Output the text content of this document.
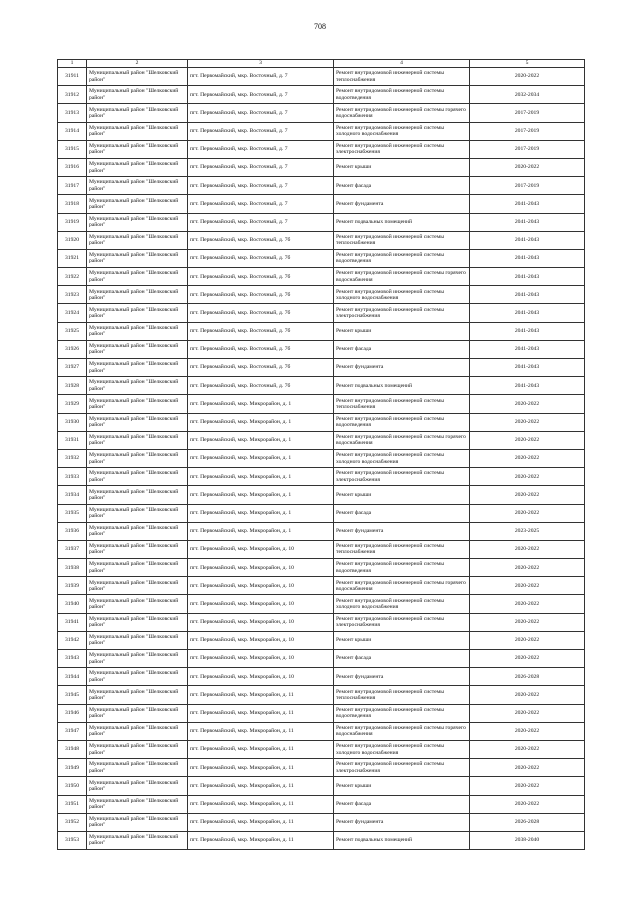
708
1	2	3	4	5
31911	Муниципальный район "Шелковский район"	пгт. Первомайский, мкр. Восточный, д. 7	Ремонт внутридомовой инженерной системы теплоснабжения	2020-2022
31912	Муниципальный район "Шелковский район"	пгт. Первомайский, мкр. Восточный, д. 7	Ремонт внутридомовой инженерной системы водоотведения	2032-2034
31913	Муниципальный район "Шелковский район"	пгт. Первомайский, мкр. Восточный, д. 7	Ремонт внутридомовой инженерной системы горячего водоснабжения	2017-2019
31914	Муниципальный район "Шелковский район"	пгт. Первомайский, мкр. Восточный, д. 7	Ремонт внутридомовой инженерной системы холодного водоснабжения	2017-2019
31915	Муниципальный район "Шелковский район"	пгт. Первомайский, мкр. Восточный, д. 7	Ремонт внутридомовой инженерной системы электроснабжения	2017-2019
31916	Муниципальный район "Шелковский район"	пгт. Первомайский, мкр. Восточный, д. 7	Ремонт крыши	2020-2022
31917	Муниципальный район "Шелковский район"	пгт. Первомайский, мкр. Восточный, д. 7	Ремонт фасада	2017-2019
31918	Муниципальный район "Шелковский район"	пгт. Первомайский, мкр. Восточный, д. 7	Ремонт фундамента	2041-2043
31919	Муниципальный район "Шелковский район"	пгт. Первомайский, мкр. Восточный, д. 7	Ремонт подвальных помещений	2041-2043
31920	Муниципальный район "Шелковский район"	пгт. Первомайский, мкр. Восточный, д. 7б	Ремонт внутридомовой инженерной системы теплоснабжения	2041-2043
31921	Муниципальный район "Шелковский район"	пгт. Первомайский, мкр. Восточный, д. 7б	Ремонт внутридомовой инженерной системы водоотведения	2041-2043
31922	Муниципальный район "Шелковский район"	пгт. Первомайский, мкр. Восточный, д. 7б	Ремонт внутридомовой инженерной системы горячего водоснабжения	2041-2043
31923	Муниципальный район "Шелковский район"	пгт. Первомайский, мкр. Восточный, д. 7б	Ремонт внутридомовой инженерной системы холодного водоснабжения	2041-2043
31924	Муниципальный район "Шелковский район"	пгт. Первомайский, мкр. Восточный, д. 7б	Ремонт внутридомовой инженерной системы электроснабжения	2041-2043
31925	Муниципальный район "Шелковский район"	пгт. Первомайский, мкр. Восточный, д. 7б	Ремонт крыши	2041-2043
31926	Муниципальный район "Шелковский район"	пгт. Первомайский, мкр. Восточный, д. 7б	Ремонт фасада	2041-2043
31927	Муниципальный район "Шелковский район"	пгт. Первомайский, мкр. Восточный, д. 7б	Ремонт фундамента	2041-2043
31928	Муниципальный район "Шелковский район"	пгт. Первомайский, мкр. Восточный, д. 7б	Ремонт подвальных помещений	2041-2043
31929	Муниципальный район "Шелковский район"	пгт. Первомайский, мкр. Микрорайон, д. 1	Ремонт внутридомовой инженерной системы теплоснабжения	2020-2022
31930	Муниципальный район "Шелковский район"	пгт. Первомайский, мкр. Микрорайон, д. 1	Ремонт внутридомовой инженерной системы водоотведения	2020-2022
31931	Муниципальный район "Шелковский район"	пгт. Первомайский, мкр. Микрорайон, д. 1	Ремонт внутридомовой инженерной системы горячего водоснабжения	2020-2022
31932	Муниципальный район "Шелковский район"	пгт. Первомайский, мкр. Микрорайон, д. 1	Ремонт внутридомовой инженерной системы холодного водоснабжения	2020-2022
31933	Муниципальный район "Шелковский район"	пгт. Первомайский, мкр. Микрорайон, д. 1	Ремонт внутридомовой инженерной системы электроснабжения	2020-2022
31934	Муниципальный район "Шелковский район"	пгт. Первомайский, мкр. Микрорайон, д. 1	Ремонт крыши	2020-2022
31935	Муниципальный район "Шелковский район"	пгт. Первомайский, мкр. Микрорайон, д. 1	Ремонт фасада	2020-2022
31936	Муниципальный район "Шелковский район"	пгт. Первомайский, мкр. Микрорайон, д. 1	Ремонт фундамента	2023-2025
31937	Муниципальный район "Шелковский район"	пгт. Первомайский, мкр. Микрорайон, д. 10	Ремонт внутридомовой инженерной системы теплоснабжения	2020-2022
31938	Муниципальный район "Шелковский район"	пгт. Первомайский, мкр. Микрорайон, д. 10	Ремонт внутридомовой инженерной системы водоотведения	2020-2022
31939	Муниципальный район "Шелковский район"	пгт. Первомайский, мкр. Микрорайон, д. 10	Ремонт внутридомовой инженерной системы горячего водоснабжения	2020-2022
31940	Муниципальный район "Шелковский район"	пгт. Первомайский, мкр. Микрорайон, д. 10	Ремонт внутридомовой инженерной системы холодного водоснабжения	2020-2022
31941	Муниципальный район "Шелковский район"	пгт. Первомайский, мкр. Микрорайон, д. 10	Ремонт внутридомовой инженерной системы электроснабжения	2020-2022
31942	Муниципальный район "Шелковский район"	пгт. Первомайский, мкр. Микрорайон, д. 10	Ремонт крыши	2020-2022
31943	Муниципальный район "Шелковский район"	пгт. Первомайский, мкр. Микрорайон, д. 10	Ремонт фасада	2020-2022
31944	Муниципальный район "Шелковский район"	пгт. Первомайский, мкр. Микрорайон, д. 10	Ремонт фундамента	2026-2028
31945	Муниципальный район "Шелковский район"	пгт. Первомайский, мкр. Микрорайон, д. 11	Ремонт внутридомовой инженерной системы теплоснабжения	2020-2022
31946	Муниципальный район "Шелковский район"	пгт. Первомайский, мкр. Микрорайон, д. 11	Ремонт внутридомовой инженерной системы водоотведения	2020-2022
31947	Муниципальный район "Шелковский район"	пгт. Первомайский, мкр. Микрорайон, д. 11	Ремонт внутридомовой инженерной системы горячего водоснабжения	2020-2022
31948	Муниципальный район "Шелковский район"	пгт. Первомайский, мкр. Микрорайон, д. 11	Ремонт внутридомовой инженерной системы холодного водоснабжения	2020-2022
31949	Муниципальный район "Шелковский район"	пгт. Первомайский, мкр. Микрорайон, д. 11	Ремонт внутридомовой инженерной системы электроснабжения	2020-2022
31950	Муниципальный район "Шелковский район"	пгт. Первомайский, мкр. Микрорайон, д. 11	Ремонт крыши	2020-2022
31951	Муниципальный район "Шелковский район"	пгт. Первомайский, мкр. Микрорайон, д. 11	Ремонт фасада	2020-2022
31952	Муниципальный район "Шелковский район"	пгт. Первомайский, мкр. Микрорайон, д. 11	Ремонт фундамента	2026-2028
31953	Муниципальный район "Шелковский район"	пгт. Первомайский, мкр. Микрорайон, д. 11	Ремонт подвальных помещений	2038-2040
